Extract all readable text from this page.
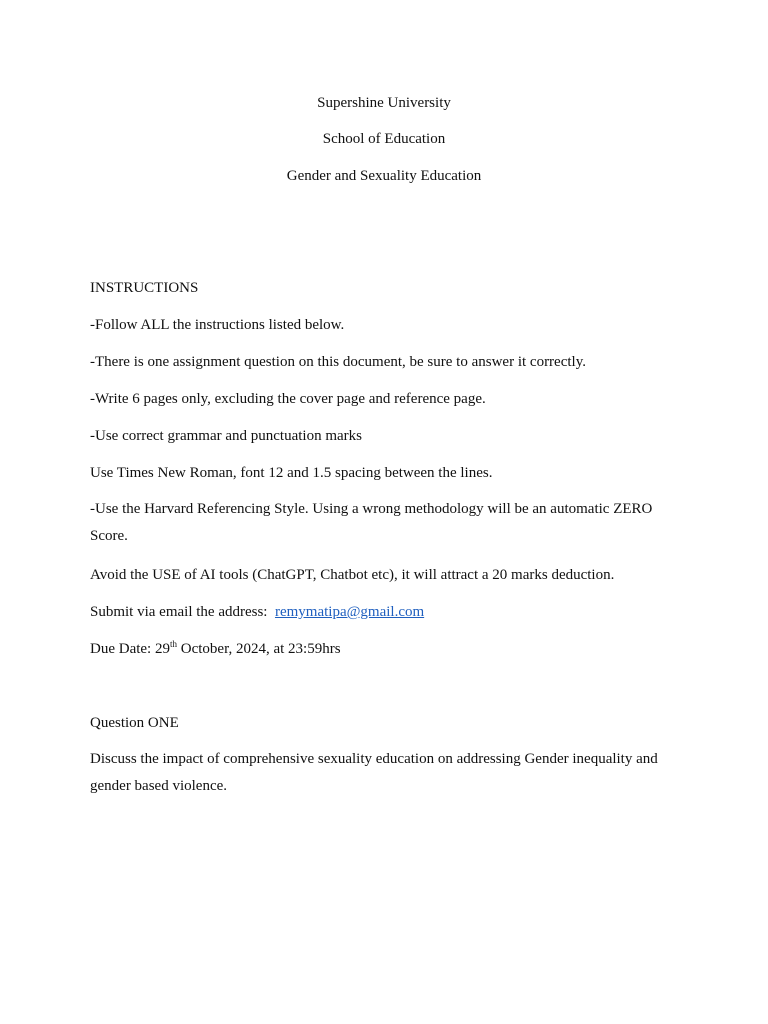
Supershine University
School of Education
Gender and Sexuality Education
INSTRUCTIONS
-Follow ALL the instructions listed below.
-There is one assignment question on this document, be sure to answer it correctly.
-Write 6 pages only, excluding the cover page and reference page.
-Use correct grammar and punctuation marks
Use Times New Roman, font 12 and 1.5 spacing between the lines.
-Use the Harvard Referencing Style. Using a wrong methodology will be an automatic ZERO Score.
Avoid the USE of AI tools (ChatGPT, Chatbot etc), it will attract a 20 marks deduction.
Submit via email the address: remymatipa@gmail.com
Due Date: 29th October, 2024, at 23:59hrs
Question ONE
Discuss the impact of comprehensive sexuality education on addressing Gender inequality and gender based violence.
